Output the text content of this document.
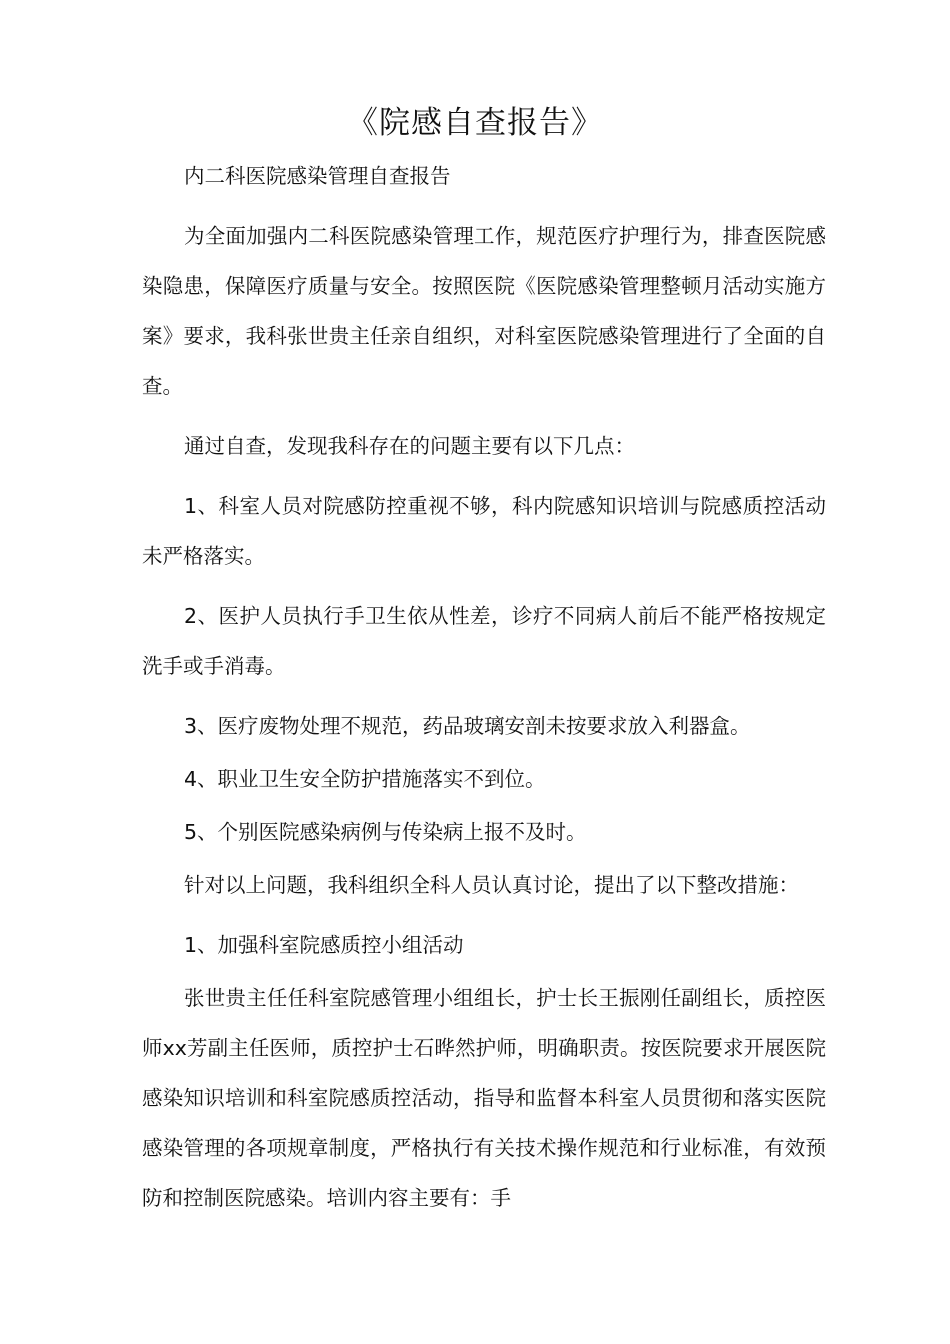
《院感自查报告》

内二科医院感染管理自查报告

为全面加强内二科医院感染管理工作，规范医疗护理行为，排查医院感染隐患，保障医疗质量与安全。按照医院《医院感染管理整顿月活动实施方案》要求，我科张世贵主任亲自组织，对科室医院感染管理进行了全面的自查。

通过自查，发现我科存在的问题主要有以下几点：

1、科室人员对院感防控重视不够，科内院感知识培训与院感质控活动未严格落实。

2、医护人员执行手卫生依从性差，诊疗不同病人前后不能严格按规定洗手或手消毒。

3、医疗废物处理不规范，药品玻璃安剖未按要求放入利器盒。

4、职业卫生安全防护措施落实不到位。

5、个别医院感染病例与传染病上报不及时。

针对以上问题，我科组织全科人员认真讨论，提出了以下整改措施：

1、加强科室院感质控小组活动

张世贵主任任科室院感管理小组组长，护士长王振刚任副组长，质控医师xx芳副主任医师，质控护士石晔然护师，明确职责。按医院要求开展医院感染知识培训和科室院感质控活动，指导和监督本科室人员贯彻和落实医院感染管理的各项规章制度，严格执行有关技术操作规范和行业标准，有效预防和控制医院感染。培训内容主要有：手
